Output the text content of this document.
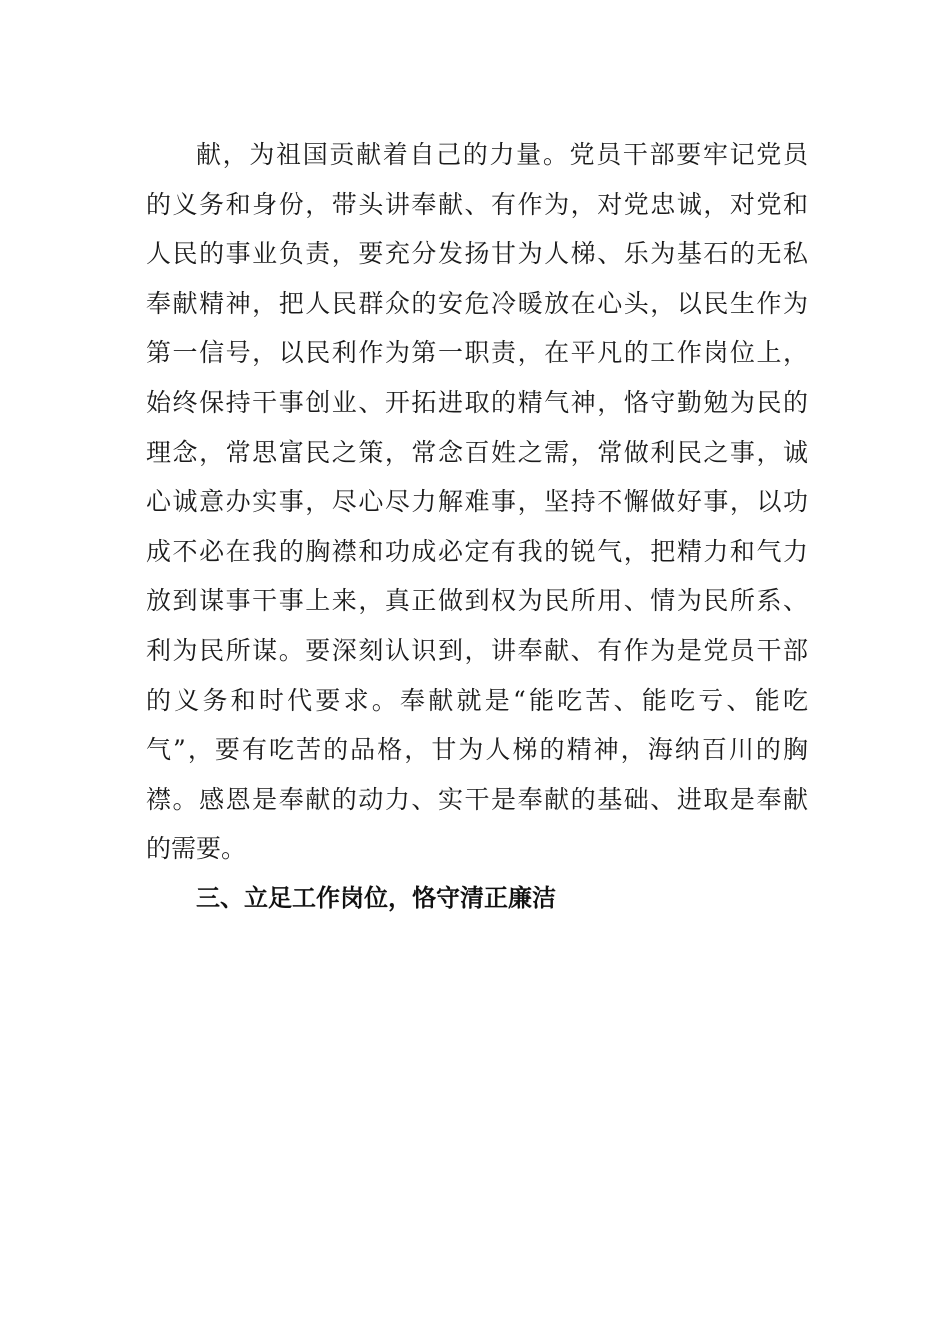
献，为祖国贡献着自己的力量。党员干部要牢记党员
的义务和身份，带头讲奉献、有作为，对党忠诚，对党和
人民的事业负责，要充分发扬甘为人梯、乐为基石的无私
奉献精神，把人民群众的安危冷暖放在心头，以民生作为
第一信号，以民利作为第一职责，在平凡的工作岗位上，
始终保持干事创业、开拓进取的精气神，恪守勤勉为民的
理念，常思富民之策，常念百姓之需，常做利民之事，诚
心诚意办实事，尽心尽力解难事，坚持不懈做好事，以功
成不必在我的胸襟和功成必定有我的锐气，把精力和气力
放到谋事干事上来，真正做到权为民所用、情为民所系、
利为民所谋。要深刻认识到，讲奉献、有作为是党员干部
的义务和时代要求。奉献就是“能吃苦、能吃亏、能吃
气”，要有吃苦的品格，甘为人梯的精神，海纳百川的胸
襟。感恩是奉献的动力、实干是奉献的基础、进取是奉献
的需要。
三、立足工作岗位，恪守清正廉洁
